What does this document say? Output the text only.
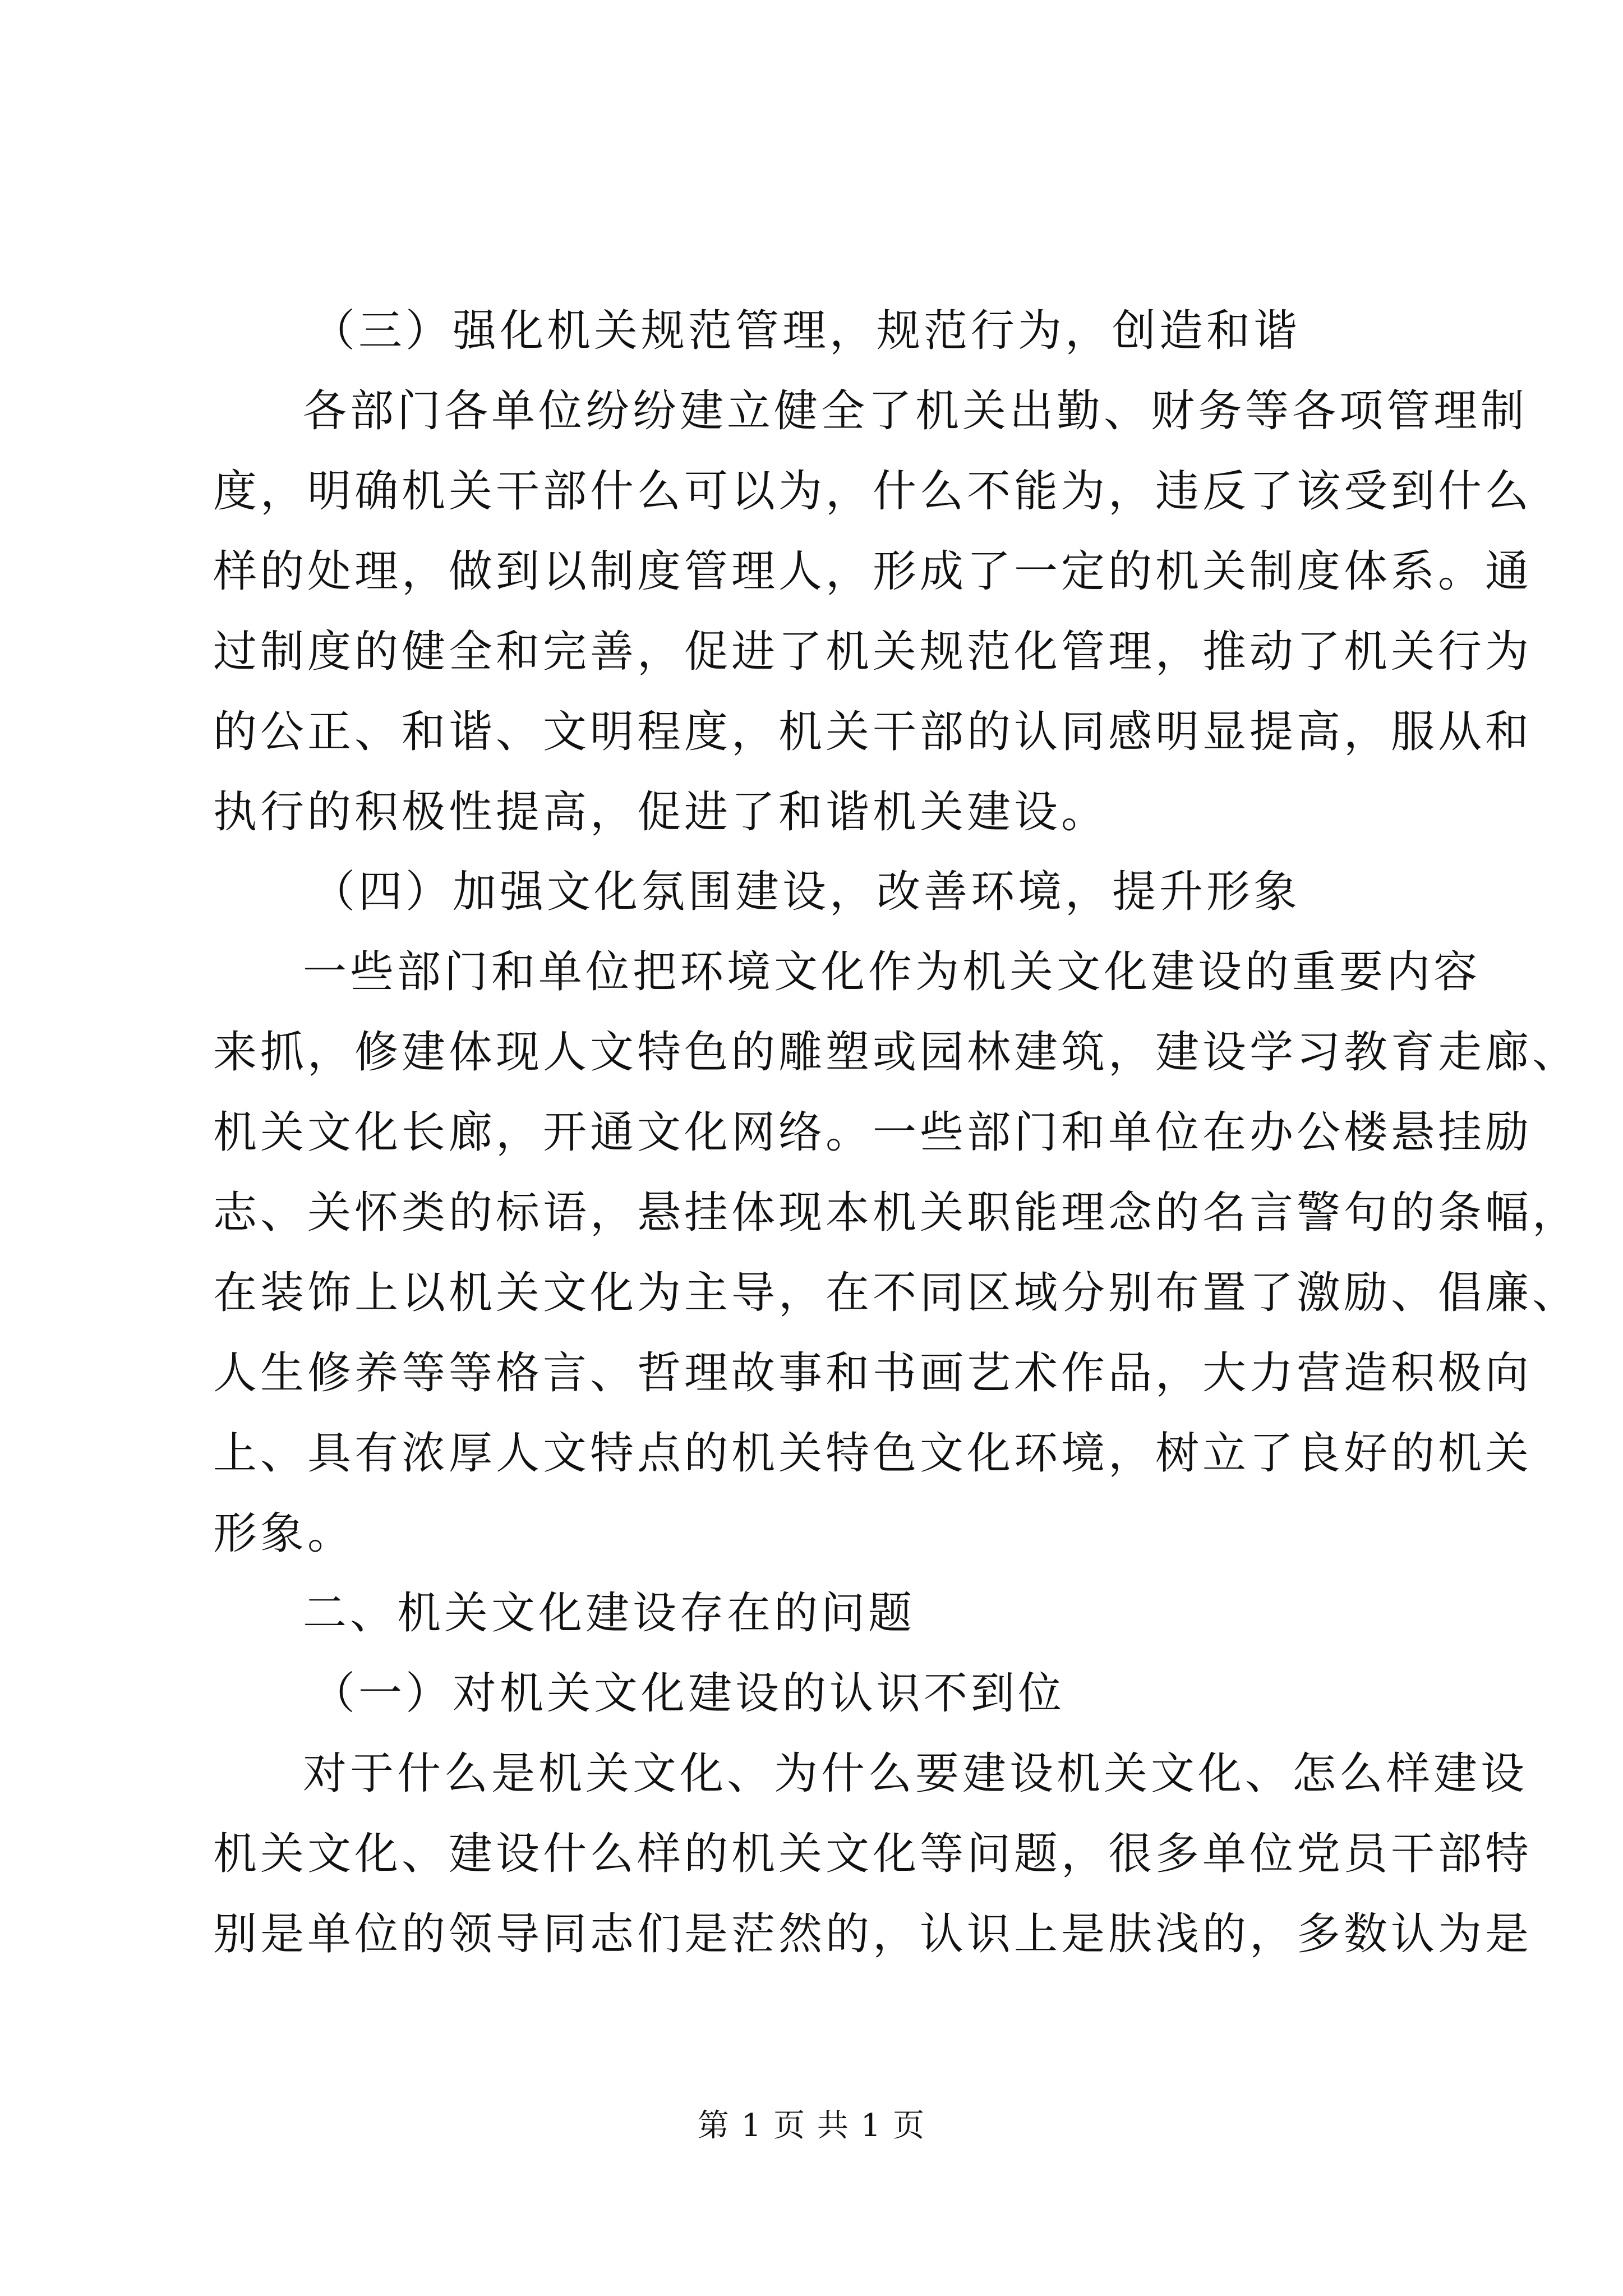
（三）强化机关规范管理，规范行为，创造和谐
各部门各单位纷纷建立健全了机关出勤、财务等各项管理制
度，明确机关干部什么可以为，什么不能为，违反了该受到什么
样的处理，做到以制度管理人，形成了一定的机关制度体系。通
过制度的健全和完善，促进了机关规范化管理，推动了机关行为
的公正、和谐、文明程度，机关干部的认同感明显提高，服从和
执行的积极性提高，促进了和谐机关建设。
（四）加强文化氛围建设，改善环境，提升形象
一些部门和单位把环境文化作为机关文化建设的重要内容
来抓，修建体现人文特色的雕塑或园林建筑，建设学习教育走廊、
机关文化长廊，开通文化网络。一些部门和单位在办公楼悬挂励
志、关怀类的标语，悬挂体现本机关职能理念的名言警句的条幅，
在装饰上以机关文化为主导，在不同区域分别布置了激励、倡廉、
人生修养等等格言、哲理故事和书画艺术作品，大力营造积极向
上、具有浓厚人文特点的机关特色文化环境，树立了良好的机关
形象。
二、机关文化建设存在的问题
（一）对机关文化建设的认识不到位
对于什么是机关文化、为什么要建设机关文化、怎么样建设
机关文化、建设什么样的机关文化等问题，很多单位党员干部特
别是单位的领导同志们是茫然的，认识上是肤浅的，多数认为是
第 1 页 共 1 页
